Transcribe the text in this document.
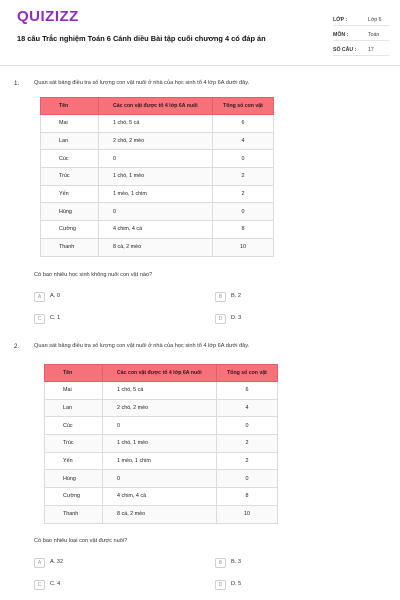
QUIZIZZ
18 câu Trắc nghiệm Toán 6 Cánh diều Bài tập cuối chương 4 có đáp án
LỚP :	Lớp 6
MÔN :	Toán
SỐ CÂU : 17
1.	Quan sát bảng điều tra số lượng con vật nuôi ở nhà của học sinh tổ 4 lớp 6A dưới đây.
Tên	Các con vật được tổ 4 lớp 6A nuôi	Tổng số con vật
Mai	1 chó, 5 cá	6
Lan	2 chó, 2 mèo	4
Cúc	0	0
Trúc	1 chó, 1 mèo	2
Yến	1 mèo, 1 chim	2
Hùng	0	0
Cường	4 chim, 4 cá	8
Thanh	8 cá, 2 mèo	10
Có bao nhiêu học sinh không nuôi con vật nào?
A	A. 0	B	B. 2
C	C. 1	D	D. 3
2.	Quan sát bảng điều tra số lượng con vật nuôi ở nhà của học sinh tổ 4 lớp 6A dưới đây.
Tên	Các con vật được tổ 4 lớp 6A nuôi	Tổng số con vật
Mai	1 chó, 5 cá	6
Lan	2 chó, 2 mèo	4
Cúc	0	0
Trúc	1 chó, 1 mèo	2
Yến	1 mèo, 1 chim	2
Hùng	0	0
Cường	4 chim, 4 cá	8
Thanh	8 cá, 2 mèo	10
Có bao nhiêu loại con vật được nuôi?
A	A. 32	B	B. 3
C	C. 4	D	D. 5
